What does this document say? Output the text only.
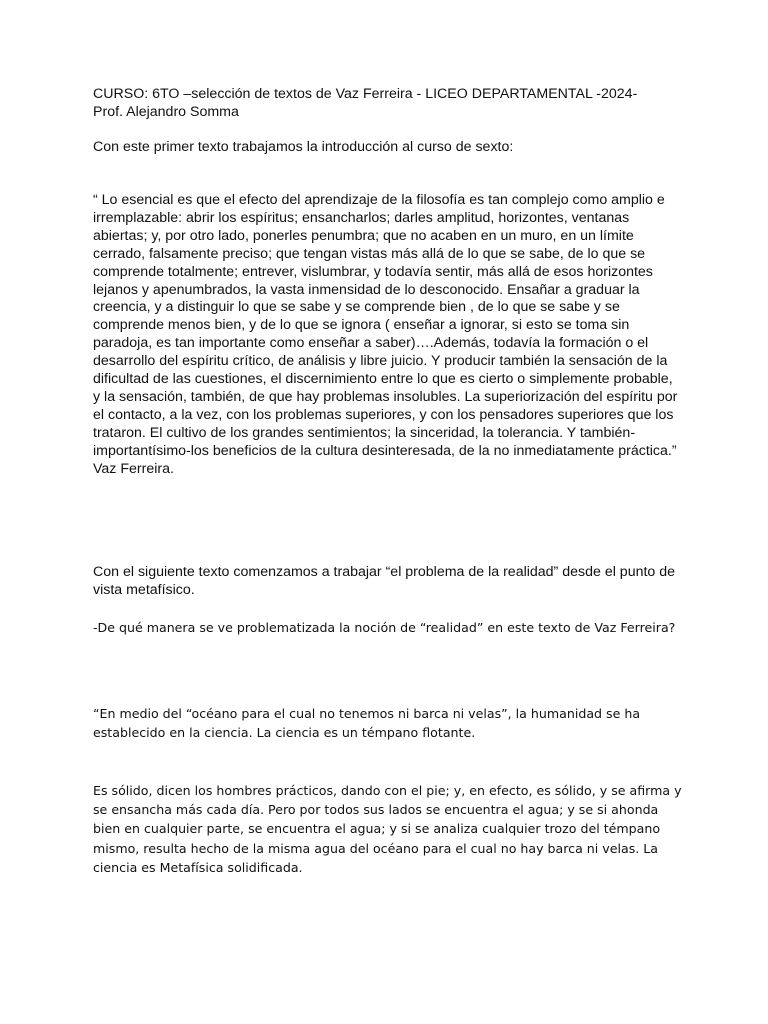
CURSO: 6TO –selección de textos de Vaz Ferreira - LICEO DEPARTAMENTAL -2024-

Prof. Alejandro Somma

Con este primer texto trabajamos la introducción al curso de sexto:

“ Lo esencial es que el efecto del aprendizaje de la filosofía es tan complejo como amplio e irremplazable: abrir los espíritus; ensancharlos; darles amplitud, horizontes, ventanas abiertas; y, por otro lado, ponerles penumbra; que no acaben en un muro, en un límite cerrado, falsamente preciso; que tengan vistas más allá de lo que se sabe, de lo que se comprende totalmente; entrever, vislumbrar, y todavía sentir, más allá de esos horizontes lejanos y apenumbrados, la vasta inmensidad de lo desconocido. Ensañar a graduar la creencia, y a distinguir lo que se sabe y se comprende bien , de lo que se sabe y se comprende menos bien, y de lo que se ignora ( enseñar a ignorar, si esto se toma sin paradoja, es tan importante como enseñar a saber)….Además, todavía la formación o el desarrollo del espíritu crítico, de análisis y libre juicio. Y producir también la sensación de la dificultad de las cuestiones, el discernimiento entre lo que es cierto o simplemente probable, y la sensación, también, de que hay problemas insolubles. La superiorización del espíritu por el contacto, a la vez, con los problemas superiores, y con los pensadores superiores que los trataron. El cultivo de los grandes sentimientos; la sinceridad, la tolerancia. Y también-importantísimo-los beneficios de la cultura desinteresada, de la no inmediatamente práctica.” Vaz Ferreira.

Con el siguiente texto comenzamos a trabajar “el problema de la realidad” desde el punto de vista metafísico.

-De qué manera se ve problematizada la noción de “realidad” en este texto de Vaz Ferreira?

“En medio del “océano para el cual no tenemos ni barca ni velas”, la humanidad se ha establecido en la ciencia. La ciencia es un témpano flotante.

Es sólido, dicen los hombres prácticos, dando con el pie; y, en efecto, es sólido, y se afirma y se ensancha más cada día. Pero por todos sus lados se encuentra el agua; y se si ahonda bien en cualquier parte, se encuentra el agua; y si se analiza cualquier trozo del témpano mismo, resulta hecho de la misma agua del océano para el cual no hay barca ni velas. La ciencia es Metafísica solidificada.
